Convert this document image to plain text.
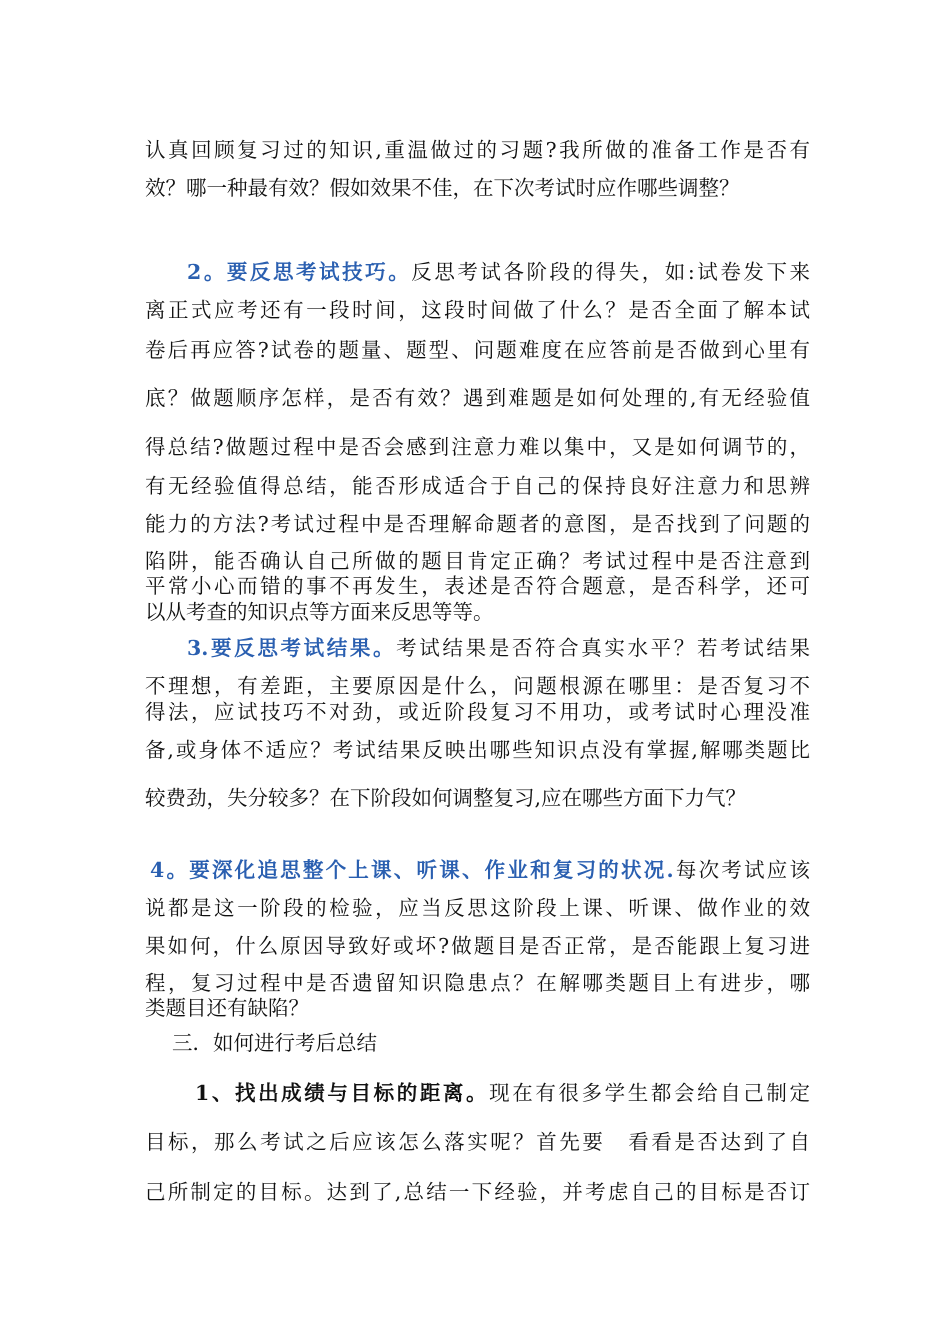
认真回顾复习过的知识,重温做过的习题?我所做的准备工作是否有
效？哪一种最有效？假如效果不佳，在下次考试时应作哪些调整？
2。要反思考试技巧。反思考试各阶段的得失，如:试卷发下来
离正式应考还有一段时间，这段时间做了什么？是否全面了解本试
卷后再应答?试卷的题量、题型、问题难度在应答前是否做到心里有
底？做题顺序怎样，是否有效？遇到难题是如何处理的,有无经验值
得总结?做题过程中是否会感到注意力难以集中，又是如何调节的，
有无经验值得总结，能否形成适合于自己的保持良好注意力和思辨
能力的方法?考试过程中是否理解命题者的意图，是否找到了问题的
陷阱，能否确认自己所做的题目肯定正确？考试过程中是否注意到
平常小心而错的事不再发生，表述是否符合题意，是否科学，还可
以从考查的知识点等方面来反思等等。
3.要反思考试结果。考试结果是否符合真实水平？若考试结果
不理想，有差距，主要原因是什么，问题根源在哪里：是否复习不
得法，应试技巧不对劲，或近阶段复习不用功，或考试时心理没准
备,或身体不适应？考试结果反映出哪些知识点没有掌握,解哪类题比
较费劲，失分较多？在下阶段如何调整复习,应在哪些方面下力气？
4。要深化追思整个上课、听课、作业和复习的状况.每次考试应该
说都是这一阶段的检验，应当反思这阶段上课、听课、做作业的效
果如何，什么原因导致好或坏?做题目是否正常，是否能跟上复习进
程，复习过程中是否遗留知识隐患点？在解哪类题目上有进步，哪
类题目还有缺陷？
三．如何进行考后总结
1、找出成绩与目标的距离。现在有很多学生都会给自己制定
目标，那么考试之后应该怎么落实呢？首先要　看看是否达到了自
己所制定的目标。达到了,总结一下经验，并考虑自己的目标是否订
